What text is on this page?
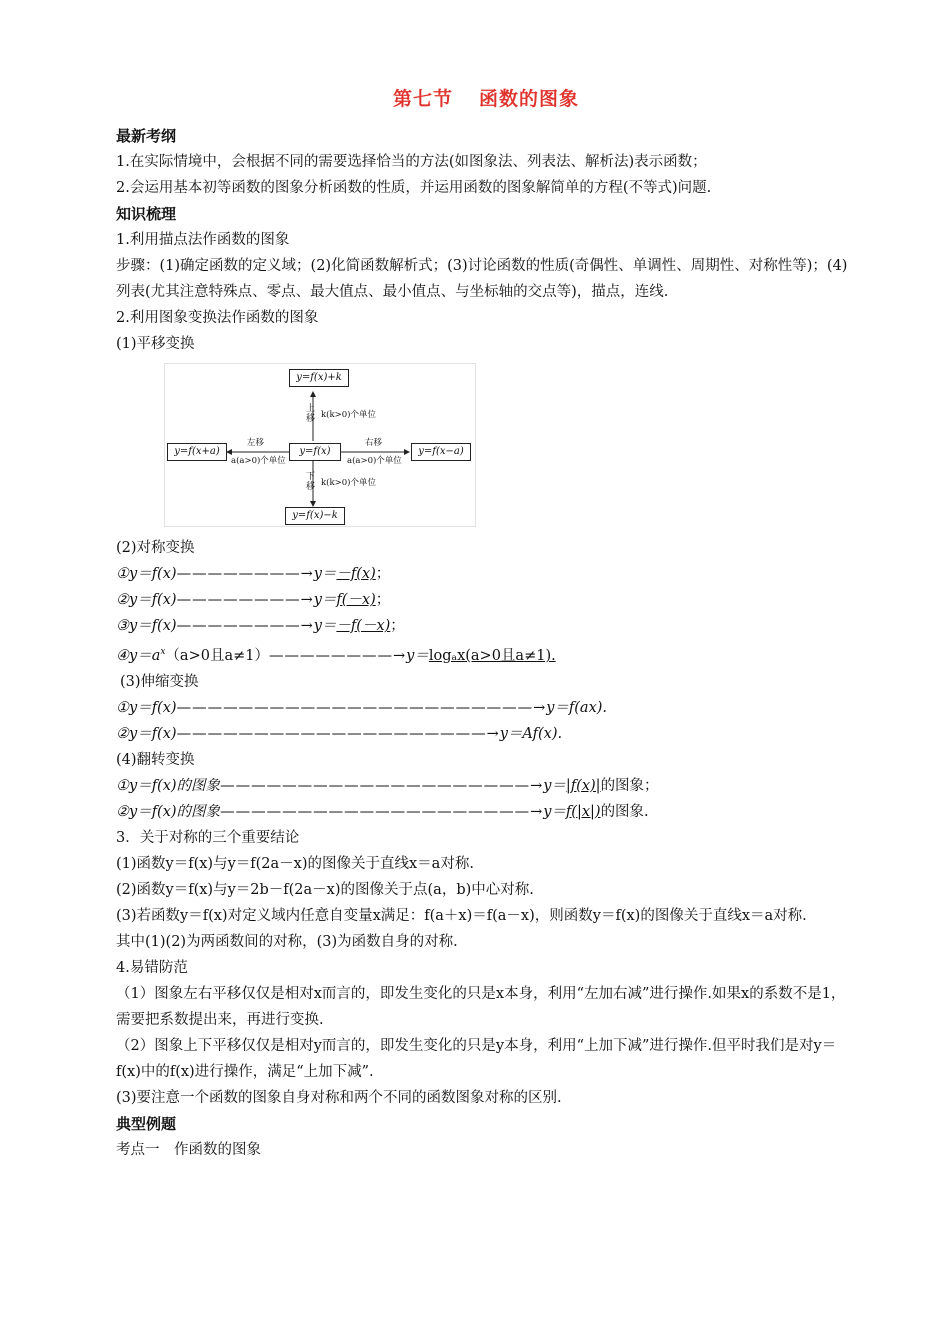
第七节 函数的图象
最新考纲
1.在实际情境中，会根据不同的需要选择恰当的方法(如图象法、列表法、解析法)表示函数；
2.会运用基本初等函数的图象分析函数的性质，并运用函数的图象解简单的方程(不等式)问题.
知识梳理
1.利用描点法作函数的图象
步骤：(1)确定函数的定义域；(2)化简函数解析式；(3)讨论函数的性质(奇偶性、单调性、周期性、对称性等)；(4)列表(尤其注意特殊点、零点、最大值点、最小值点、与坐标轴的交点等)，描点，连线.
2.利用图象变换法作函数的图象
(1)平移变换
y=f(x)+k
y=f(x)
y=f(x)−k
y=f(x+a)	y=f(x−a)
上移 k(k>0)个单位
下移 k(k>0)个单位
左移
a(a>0)个单位
右移
a(a>0)个单位
(2)对称变换
①y＝f(x)————————→y＝－f(x)；
②y＝f(x)————————→y＝f(－x)；
③y＝f(x)————————→y＝－f(－x)；
$④y=a^x(a>0$且a≠1）————————→y＝logₐx(a>0且a≠1).
(3)伸缩变换
①y＝f(x)———————————————————————→y＝f(ax).
②y＝f(x)————————————————————→y＝Af(x).
(4)翻转变换
①y＝f(x)的图象————————————————————→y＝|f(x)|的图象；
②y＝f(x)的图象————————————————————→y＝f(|x|)的图象.
3．关于对称的三个重要结论
(1)函数y＝f(x)与y＝f(2a－x)的图像关于直线x＝a对称.
(2)函数y＝f(x)与y＝2b－f(2a－x)的图像关于点(a，b)中心对称.
(3)若函数y＝f(x)对定义域内任意自变量x满足：f(a＋x)＝f(a－x)，则函数y＝f(x)的图像关于直线x＝a对称.
其中(1)(2)为两函数间的对称，(3)为函数自身的对称.
4.易错防范
（1）图象左右平移仅仅是相对x而言的，即发生变化的只是x本身，利用“左加右减”进行操作.如果x的系数不是1，需要把系数提出来，再进行变换.
（2）图象上下平移仅仅是相对y而言的，即发生变化的只是y本身，利用“上加下减”进行操作.但平时我们是对y＝f(x)中的f(x)进行操作，满足“上加下减”.
(3)要注意一个函数的图象自身对称和两个不同的函数图象对称的区别.
典型例题
考点一　作函数的图象
